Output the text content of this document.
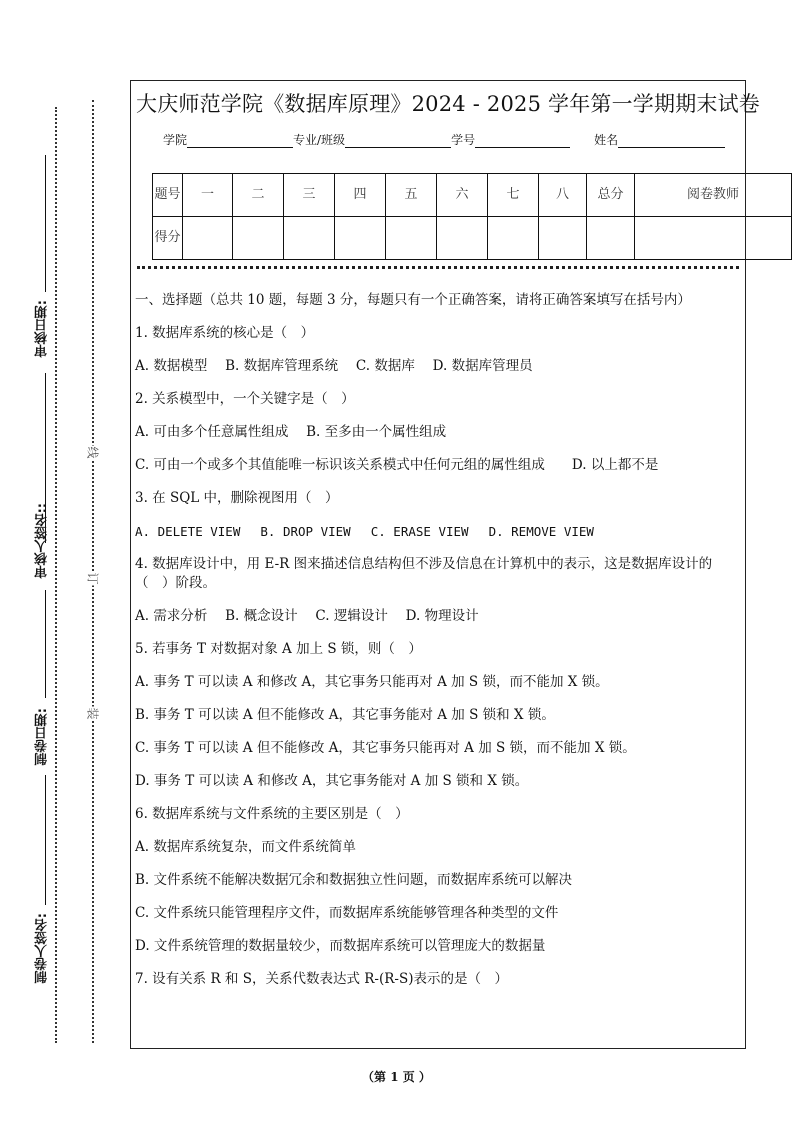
审核日期:
审核人签名::
制卷日期:
制卷人签名:
线
订
装
大庆师范学院《数据库原理》2024 - 2025 学年第一学期期末试卷
学院	专业/班级	学号	姓名
题号	一	二	三	四	五	六	七	八	总分	阅卷教师
得分										

一、选择题（总共 10 题，每题 3 分，每题只有一个正确答案，请将正确答案填写在括号内）

1. 数据库系统的核心是（　）

A. 数据模型　 B. 数据库管理系统　 C. 数据库　 D. 数据库管理员

2. 关系模型中，一个关键字是（　）

A. 可由多个任意属性组成　 B. 至多由一个属性组成

C. 可由一个或多个其值能唯一标识该关系模式中任何元组的属性组成　　D. 以上都不是

3. 在 SQL 中，删除视图用（　）

A. DELETE VIEW　 B. DROP VIEW　 C. ERASE VIEW　 D. REMOVE VIEW

4. 数据库设计中，用 E-R 图来描述信息结构但不涉及信息在计算机中的表示，这是数据库设计的（　）阶段。

A. 需求分析　 B. 概念设计　 C. 逻辑设计　 D. 物理设计

5. 若事务 T 对数据对象 A 加上 S 锁，则（　）

A. 事务 T 可以读 A 和修改 A，其它事务只能再对 A 加 S 锁，而不能加 X 锁。

B. 事务 T 可以读 A 但不能修改 A，其它事务能对 A 加 S 锁和 X 锁。

C. 事务 T 可以读 A 但不能修改 A，其它事务只能再对 A 加 S 锁，而不能加 X 锁。

D. 事务 T 可以读 A 和修改 A，其它事务能对 A 加 S 锁和 X 锁。

6. 数据库系统与文件系统的主要区别是（　）

A. 数据库系统复杂，而文件系统简单

B. 文件系统不能解决数据冗余和数据独立性问题，而数据库系统可以解决

C. 文件系统只能管理程序文件，而数据库系统能够管理各种类型的文件

D. 文件系统管理的数据量较少，而数据库系统可以管理庞大的数据量

7. 设有关系 R 和 S，关系代数表达式 R-(R-S)表示的是（　）

（第 1 页 ）
